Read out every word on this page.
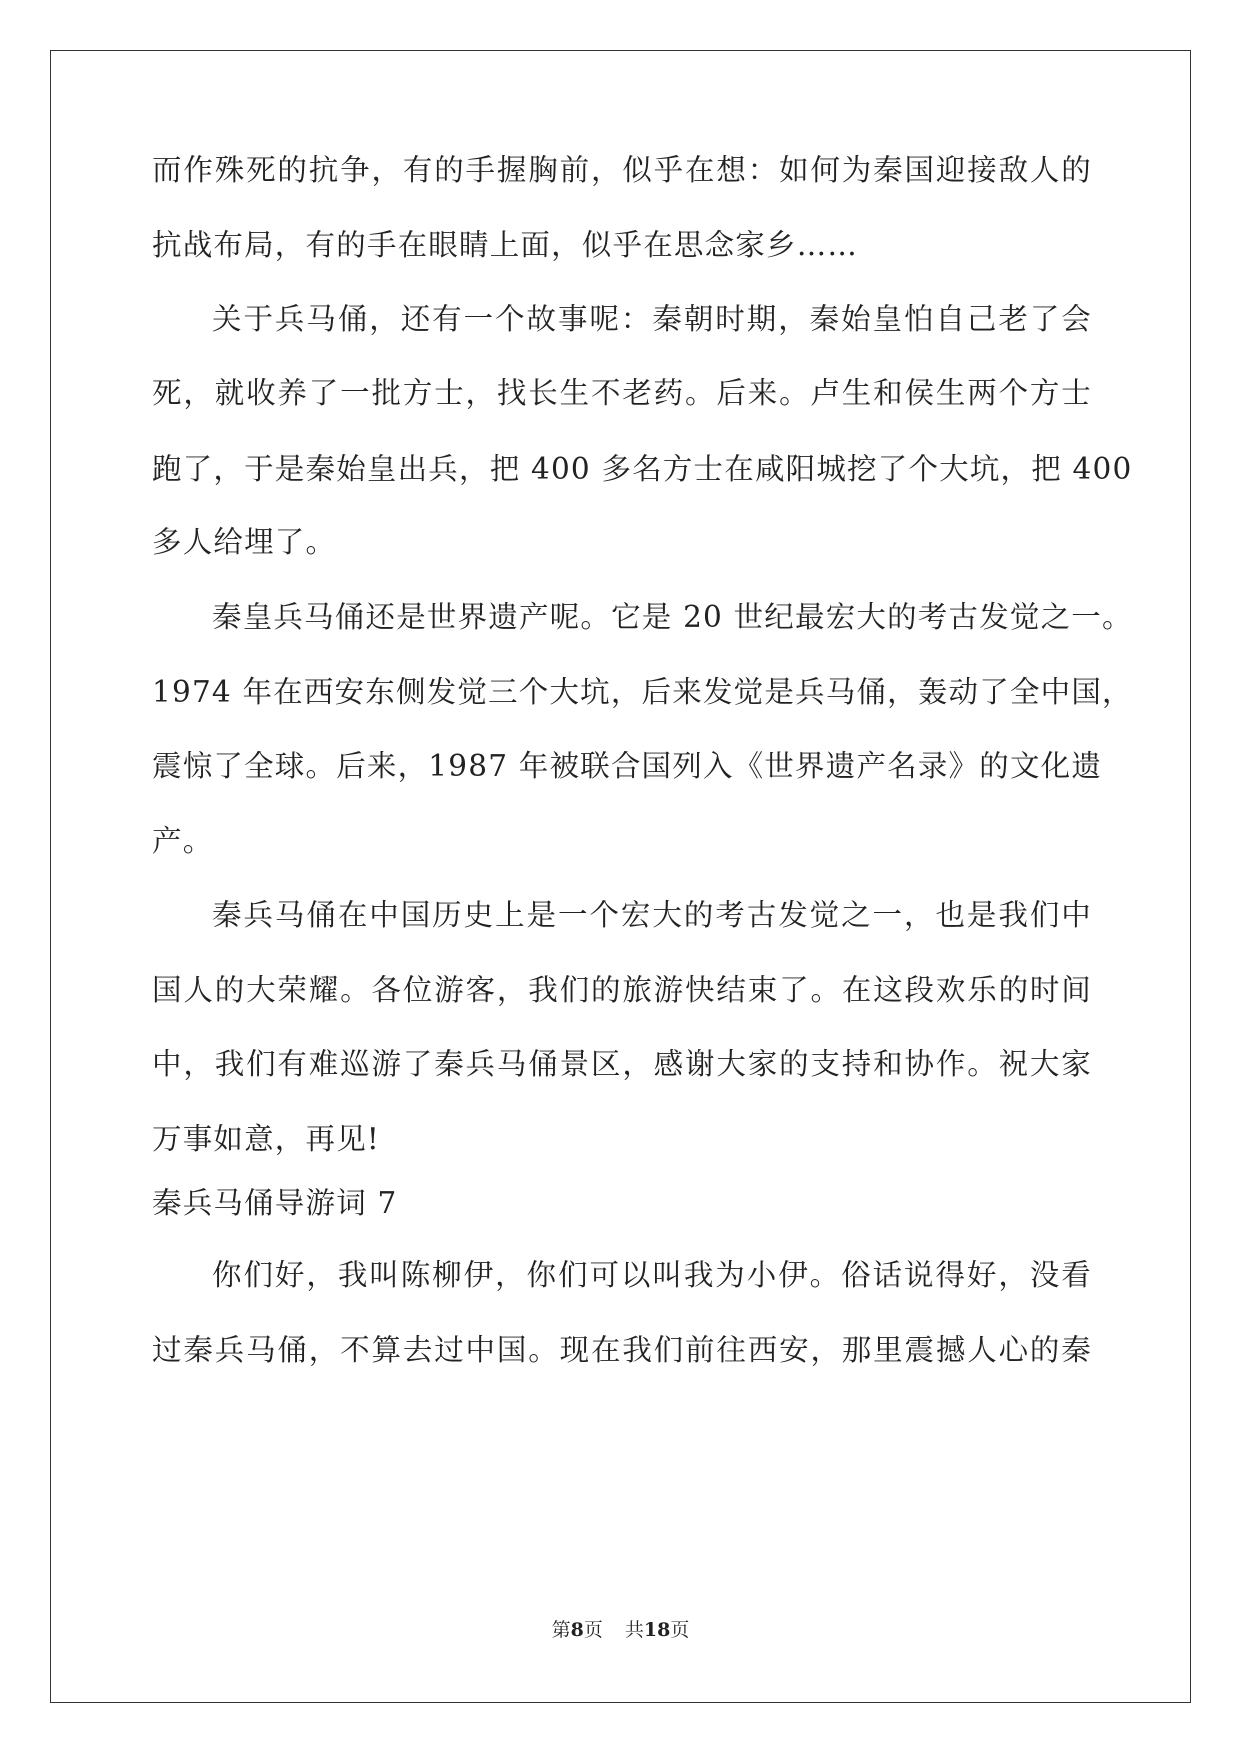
而作殊死的抗争，有的手握胸前，似乎在想：如何为秦国迎接敌人的

抗战布局，有的手在眼睛上面，似乎在思念家乡……

关于兵马俑，还有一个故事呢：秦朝时期，秦始皇怕自己老了会

死，就收养了一批方士，找长生不老药。后来。卢生和侯生两个方士

跑了，于是秦始皇出兵，把 400 多名方士在咸阳城挖了个大坑，把 400

多人给埋了。

秦皇兵马俑还是世界遗产呢。它是 20 世纪最宏大的考古发觉之一。

1974 年在西安东侧发觉三个大坑，后来发觉是兵马俑，轰动了全中国，

震惊了全球。后来，1987 年被联合国列入《世界遗产名录》的文化遗

产。

秦兵马俑在中国历史上是一个宏大的考古发觉之一，也是我们中

国人的大荣耀。各位游客，我们的旅游快结束了。在这段欢乐的时间

中，我们有难巡游了秦兵马俑景区，感谢大家的支持和协作。祝大家

万事如意，再见!

秦兵马俑导游词 7

你们好，我叫陈柳伊，你们可以叫我为小伊。俗话说得好，没看

过秦兵马俑，不算去过中国。现在我们前往西安，那里震撼人心的秦

第8页 共18页
